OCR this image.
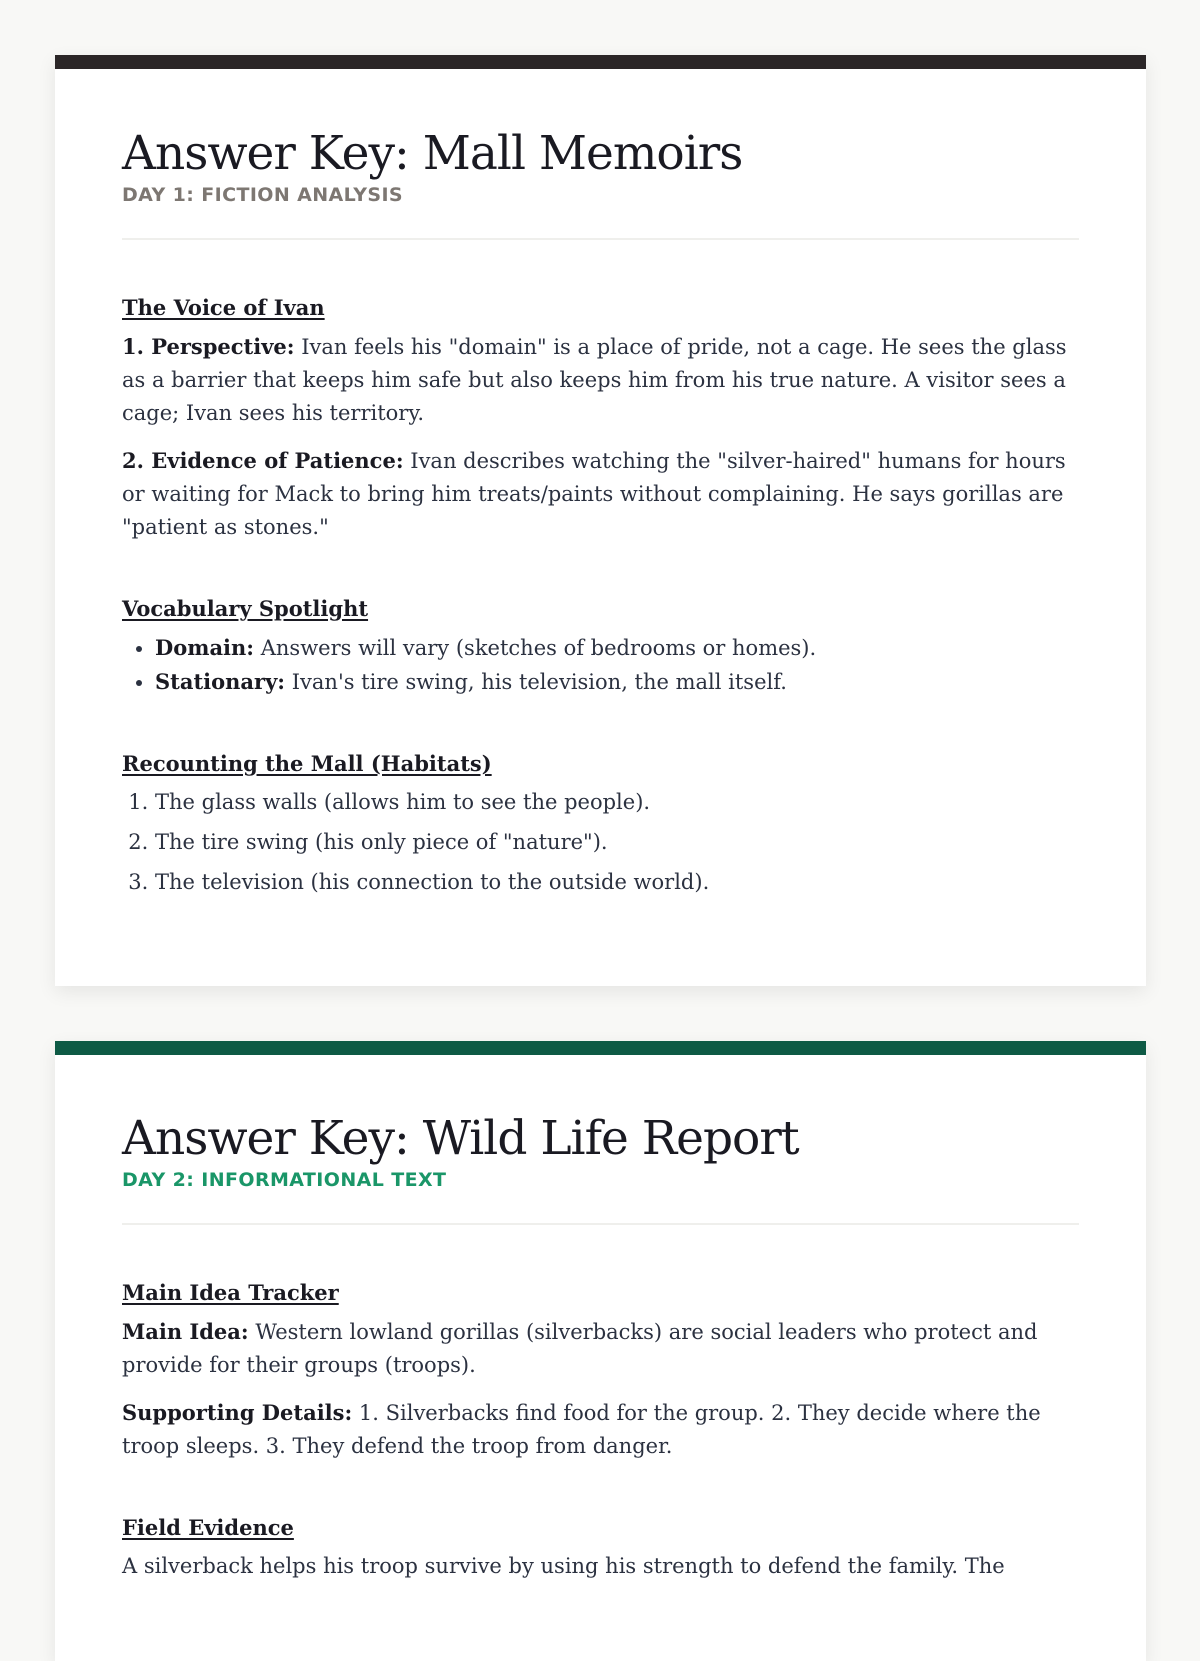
Answer Key: Mall Memoirs
DAY 1: FICTION ANALYSIS
The Voice of Ivan

1. Perspective: Ivan feels his "domain" is a place of pride, not a cage. He sees the glass as a barrier that keeps him safe but also keeps him from his true nature. A visitor sees a cage; Ivan sees his territory.

2. Evidence of Patience: Ivan describes watching the "silver-haired" humans for hours or waiting for Mack to bring him treats/paints without complaining. He says gorillas are "patient as stones."

Vocabulary Spotlight
• Domain: Answers will vary (sketches of bedrooms or homes).
• Stationary: Ivan's tire swing, his television, the mall itself.
Recounting the Mall (Habitats)
1. The glass walls (allows him to see the people).
2. The tire swing (his only piece of "nature").
3. The television (his connection to the outside world).
Answer Key: Wild Life Report
DAY 2: INFORMATIONAL TEXT
Main Idea Tracker

Main Idea: Western lowland gorillas (silverbacks) are social leaders who protect and provide for their groups (troops).

Supporting Details: 1. Silverbacks find food for the group. 2. They decide where the troop sleeps. 3. They defend the troop from danger.

Field Evidence

A silverback helps his troop survive by using his strength to defend the family. The
